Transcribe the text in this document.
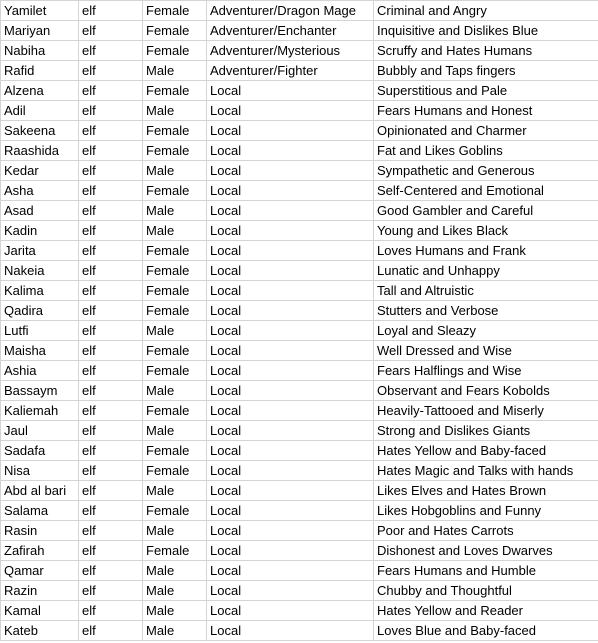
Yamilet	elf	Female	Adventurer/Dragon Mage	Criminal and Angry
Mariyan	elf	Female	Adventurer/Enchanter	Inquisitive and Dislikes Blue
Nabiha	elf	Female	Adventurer/Mysterious	Scruffy and Hates Humans
Rafid	elf	Male	Adventurer/Fighter	Bubbly and Taps fingers
Alzena	elf	Female	Local	Superstitious and Pale
Adil	elf	Male	Local	Fears Humans and Honest
Sakeena	elf	Female	Local	Opinionated and Charmer
Raashida	elf	Female	Local	Fat and Likes Goblins
Kedar	elf	Male	Local	Sympathetic and Generous
Asha	elf	Female	Local	Self-Centered and Emotional
Asad	elf	Male	Local	Good Gambler and Careful
Kadin	elf	Male	Local	Young and Likes Black
Jarita	elf	Female	Local	Loves Humans and Frank
Nakeia	elf	Female	Local	Lunatic and Unhappy
Kalima	elf	Female	Local	Tall and Altruistic
Qadira	elf	Female	Local	Stutters and Verbose
Lutfi	elf	Male	Local	Loyal and Sleazy
Maisha	elf	Female	Local	Well Dressed and Wise
Ashia	elf	Female	Local	Fears Halflings and Wise
Bassaym	elf	Male	Local	Observant and Fears Kobolds
Kaliemah	elf	Female	Local	Heavily-Tattooed and Miserly
Jaul	elf	Male	Local	Strong and Dislikes Giants
Sadafa	elf	Female	Local	Hates Yellow and Baby-faced
Nisa	elf	Female	Local	Hates Magic and Talks with hands
Abd al bari	elf	Male	Local	Likes Elves and Hates Brown
Salama	elf	Female	Local	Likes Hobgoblins and Funny
Rasin	elf	Male	Local	Poor and Hates Carrots
Zafirah	elf	Female	Local	Dishonest and Loves Dwarves
Qamar	elf	Male	Local	Fears Humans and Humble
Razin	elf	Male	Local	Chubby and Thoughtful
Kamal	elf	Male	Local	Hates Yellow and Reader
Kateb	elf	Male	Local	Loves Blue and Baby-faced
